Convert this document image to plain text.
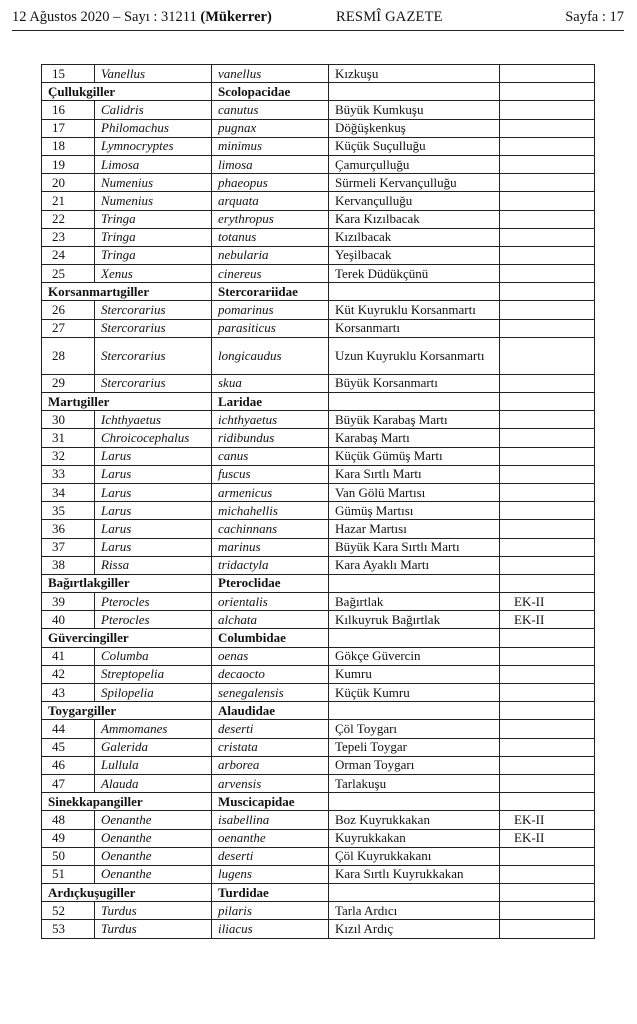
12 Ağustos 2020 – Sayı : 31211 (Mükerrer)	RESMÎ GAZETE	Sayfa : 17
15	Vanellus	vanellus	Kızkuşu	
Çullukgiller		Scolopacidae		
16	Calidris	canutus	Büyük Kumkuşu	
17	Philomachus	pugnax	Döğüşkenkuş	
18	Lymnocryptes	minimus	Küçük Suçulluğu	
19	Limosa	limosa	Çamurçulluğu	
20	Numenius	phaeopus	Sürmeli Kervançulluğu	
21	Numenius	arquata	Kervançulluğu	
22	Tringa	erythropus	Kara Kızılbacak	
23	Tringa	totanus	Kızılbacak	
24	Tringa	nebularia	Yeşilbacak	
25	Xenus	cinereus	Terek Düdükçünü	
Korsanmartıgiller		Stercorariidae		
26	Stercorarius	pomarinus	Küt Kuyruklu Korsanmartı	
27	Stercorarius	parasiticus	Korsanmartı	
28	Stercorarius	longicaudus	Uzun Kuyruklu Korsanmartı	
29	Stercorarius	skua	Büyük Korsanmartı	
Martıgiller		Laridae		
30	Ichthyaetus	ichthyaetus	Büyük Karabaş Martı	
31	Chroicocephalus	ridibundus	Karabaş Martı	
32	Larus	canus	Küçük Gümüş Martı	
33	Larus	fuscus	Kara Sırtlı Martı	
34	Larus	armenicus	Van Gölü Martısı	
35	Larus	michahellis	Gümüş Martısı	
36	Larus	cachinnans	Hazar Martısı	
37	Larus	marinus	Büyük Kara Sırtlı Martı	
38	Rissa	tridactyla	Kara Ayaklı Martı	
Bağırtlakgiller		Pteroclidae		
39	Pterocles	orientalis	Bağırtlak	EK-II
40	Pterocles	alchata	Kılkuyruk Bağırtlak	EK-II
Güvercingiller		Columbidae		
41	Columba	oenas	Gökçe Güvercin	
42	Streptopelia	decaocto	Kumru	
43	Spilopelia	senegalensis	Küçük Kumru	
Toygargiller		Alaudidae		
44	Ammomanes	deserti	Çöl Toygarı	
45	Galerida	cristata	Tepeli Toygar	
46	Lullula	arborea	Orman Toygarı	
47	Alauda	arvensis	Tarlakuşu	
Sinekkapangiller		Muscicapidae		
48	Oenanthe	isabellina	Boz Kuyrukkakan	EK-II
49	Oenanthe	oenanthe	Kuyrukkakan	EK-II
50	Oenanthe	deserti	Çöl Kuyrukkakanı	
51	Oenanthe	lugens	Kara Sırtlı Kuyrukkakan	
Ardıçkuşugiller		Turdidae		
52	Turdus	pilaris	Tarla Ardıcı	
53	Turdus	iliacus	Kızıl Ardıç	
